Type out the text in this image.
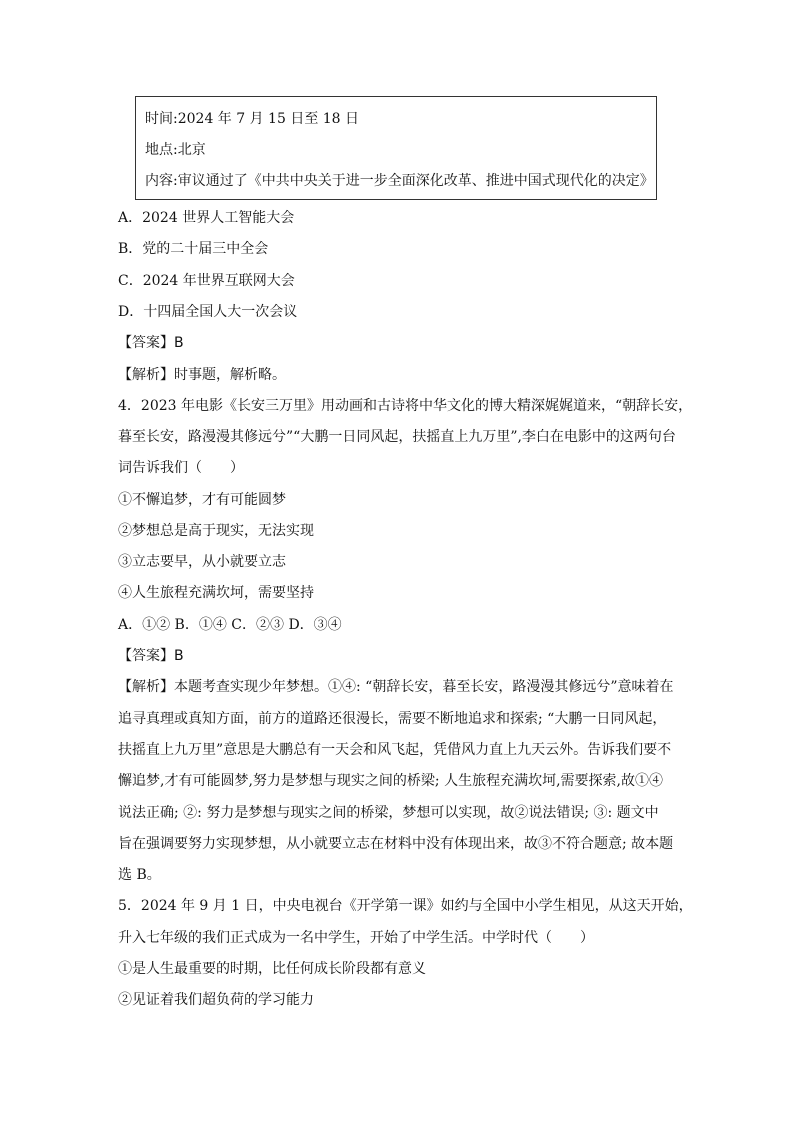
时间:2024 年 7 月 15 日至 18 日
地点:北京
内容:审议通过了《中共中央关于进一步全面深化改革、推进中国式现代化的决定》
A．2024 世界人工智能大会
B．党的二十届三中全会
C．2024 年世界互联网大会
D．十四届全国人大一次会议
【答案】B
【解析】时事题，解析略。
4．2023 年电影《长安三万里》用动画和古诗将中华文化的博大精深娓娓道来，“朝辞长安，
暮至长安，路漫漫其修远兮”“大鹏一日同风起，扶摇直上九万里”,李白在电影中的这两句台
词告诉我们（　　）
①不懈追梦，才有可能圆梦
②梦想总是高于现实，无法实现
③立志要早，从小就要立志
④人生旅程充满坎坷，需要坚持
A．①② B．①④ C．②③ D．③④
【答案】B
【解析】本题考查实现少年梦想。①④: “朝辞长安，暮至长安，路漫漫其修远兮”意味着在
追寻真理或真知方面，前方的道路还很漫长，需要不断地追求和探索; “大鹏一日同风起，
扶摇直上九万里”意思是大鹏总有一天会和风飞起，凭借风力直上九天云外。告诉我们要不
懈追梦,才有可能圆梦,努力是梦想与现实之间的桥梁; 人生旅程充满坎坷,需要探索,故①④
说法正确; ②: 努力是梦想与现实之间的桥梁，梦想可以实现，故②说法错误; ③: 题文中
旨在强调要努力实现梦想，从小就要立志在材料中没有体现出来，故③不符合题意; 故本题
选 B。
5．2024 年 9 月 1 日，中央电视台《开学第一课》如约与全国中小学生相见，从这天开始，
升入七年级的我们正式成为一名中学生，开始了中学生活。中学时代（　　）
①是人生最重要的时期，比任何成长阶段都有意义
②见证着我们超负荷的学习能力
